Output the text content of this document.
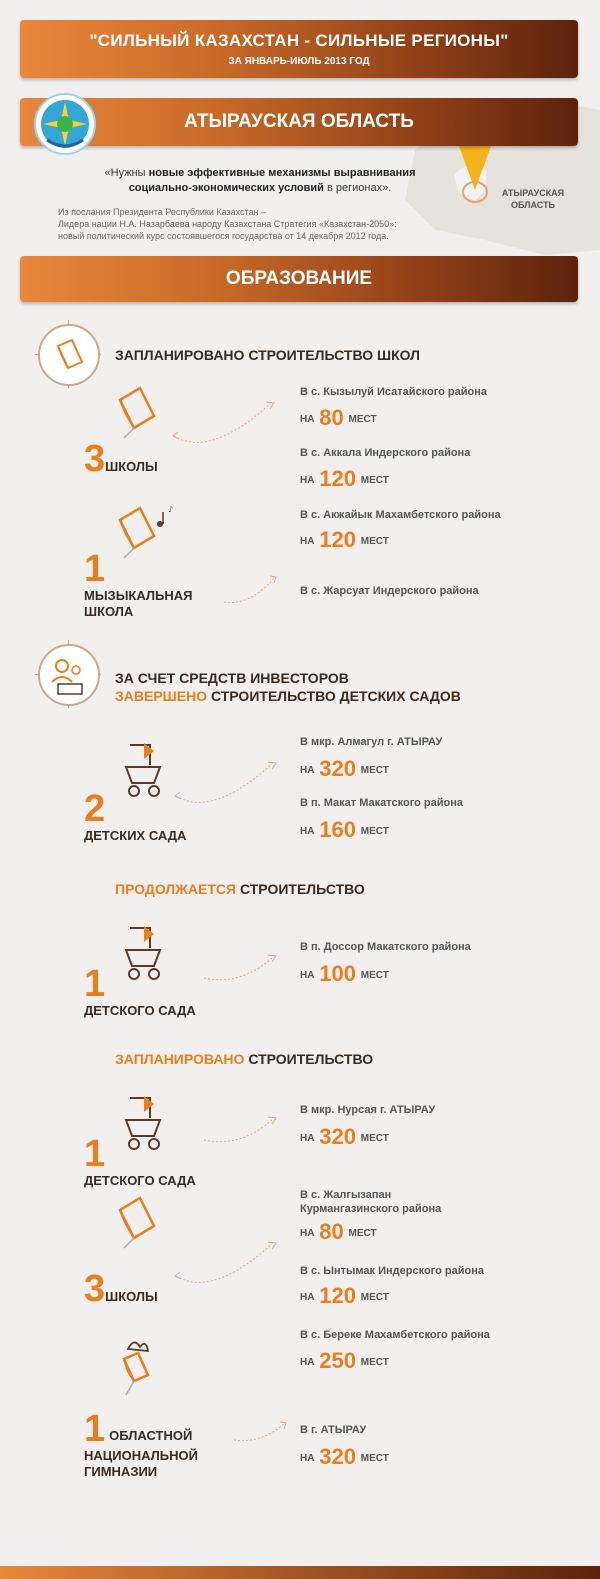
"СИЛЬНЫЙ КАЗАХСТАН - СИЛЬНЫЕ РЕГИОНЫ"
ЗА ЯНВАРЬ-ИЮЛЬ 2013 ГОД
АТЫРАУСКАЯ
ОБЛАСТЬ
АТЫРАУСКАЯ ОБЛАСТЬ
«Нужны новые эффективные механизмы выравнивания социально-экономических условий в регионах».
Из послания Президента Республики Казахстан –
Лидера нации Н.А. Назарбаева народу Казахстана Стратегия «Казахстан-2050»:
новый политический курс состоявшегося государства от 14 декабря 2012 года.
ОБРАЗОВАНИЕ
ЗАПЛАНИРОВАНО СТРОИТЕЛЬСТВО ШКОЛ
3ШКОЛЫ
В с. Кызылуй Исатайского района
НА 80 МЕСТ
В с. Аккала Индерского района
НА 120 МЕСТ
В с. Акжайык Махамбетского района
НА 120 МЕСТ
♪
1
МЫЗЫКАЛЬНАЯ
ШКОЛА
В с. Жарсуат Индерского района
ЗА СЧЕТ СРЕДСТВ ИНВЕСТОРОВ
ЗАВЕРШЕНО СТРОИТЕЛЬСТВО ДЕТСКИХ САДОВ
2
ДЕТСКИХ САДА
В мкр. Алмагул г. АТЫРАУ
НА 320 МЕСТ
В п. Макат Макатского района
НА 160 МЕСТ
ПРОДОЛЖАЕТСЯ СТРОИТЕЛЬСТВО
1
ДЕТСКОГО САДА
В п. Доссор Макатского района
НА 100 МЕСТ
ЗАПЛАНИРОВАНО СТРОИТЕЛЬСТВО
1
ДЕТСКОГО САДА
В мкр. Нурсая г. АТЫРАУ
НА 320 МЕСТ
3ШКОЛЫ
В с. Жалгызапан
Курмангазинского района
НА 80 МЕСТ
В с. Ынтымак Индерского района
НА 120 МЕСТ
В с. Береке Махамбетского района
НА 250 МЕСТ
1 ОБЛАСТНОЙ
НАЦИОНАЛЬНОЙ
ГИМНАЗИИ
В г. АТЫРАУ
НА 320 МЕСТ
